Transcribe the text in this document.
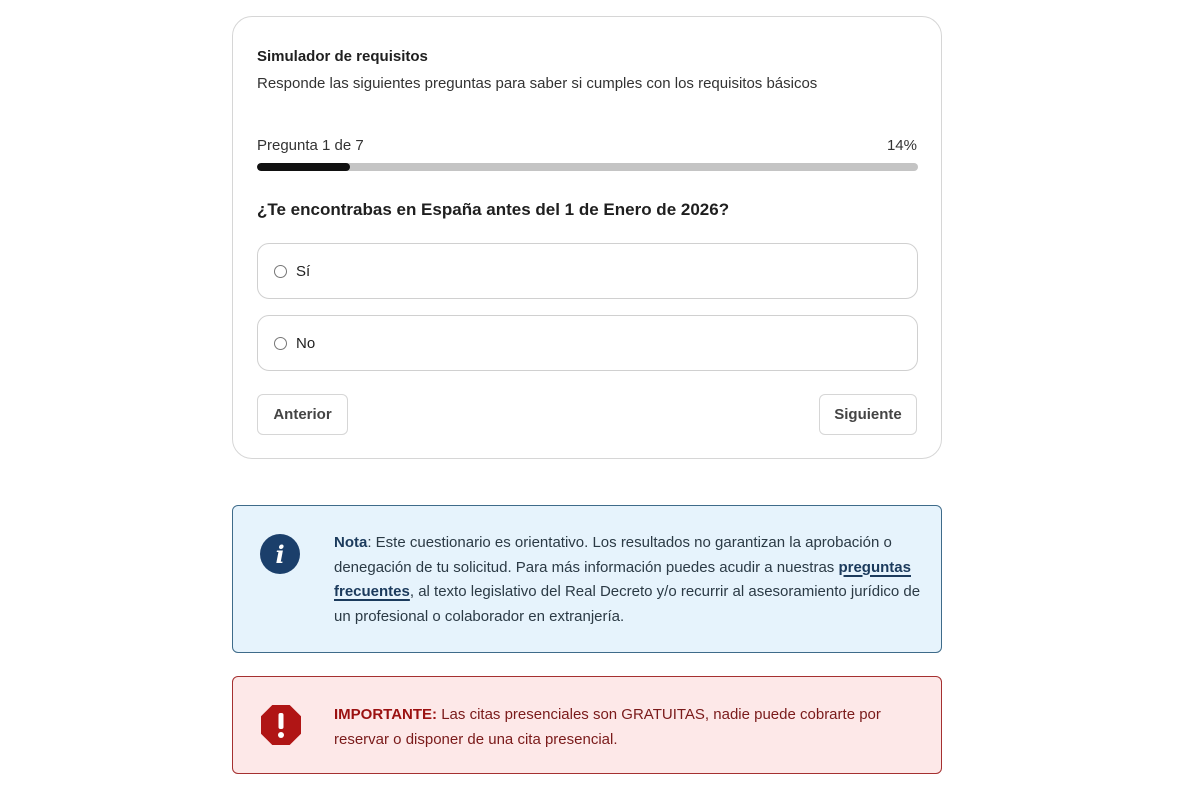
Simulador de requisitos
Responde las siguientes preguntas para saber si cumples con los requisitos básicos
Pregunta 1 de 7	14%
¿Te encontrabas en España antes del 1 de Enero de 2026?
Sí
No
Anterior	Siguiente
i	Nota: Este cuestionario es orientativo. Los resultados no garantizan la aprobación o denegación de tu solicitud. Para más información puedes acudir a nuestras preguntas frecuentes, al texto legislativo del Real Decreto y/o recurrir al asesoramiento jurídico de un profesional o colaborador en extranjería.
IMPORTANTE: Las citas presenciales son GRATUITAS, nadie puede cobrarte por reservar o disponer de una cita presencial.
